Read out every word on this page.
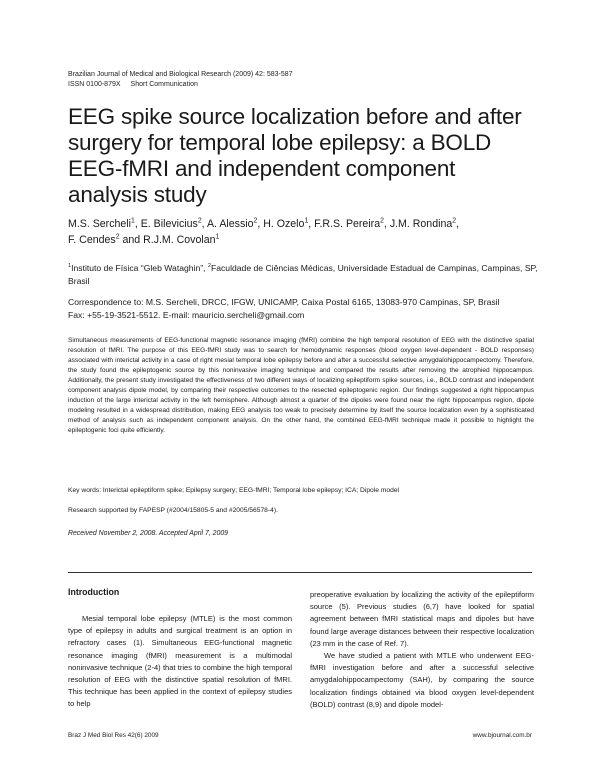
Brazilian Journal of Medical and Biological Research (2009) 42: 583-587
ISSN 0100-879X Short Communication
EEG spike source localization before and after surgery for temporal lobe epilepsy: a BOLD EEG-fMRI and independent component analysis study
M.S. Sercheli$^1$, E. Bilevicius$^2$, A. Alessio$^2$, H. Ozelo$^1$, F.R.S. Pereira$^2$, J.M. Rondina$^2$,
F. Cendes$^2$ and R.J.M. Covolan$^1$
$^1$Instituto de Física “Gleb Wataghin”, $^2$Faculdade de Ciências Médicas, Universidade Estadual de Campinas, Campinas, SP, Brasil
Correspondence to: M.S. Sercheli, DRCC, IFGW, UNICAMP, Caixa Postal 6165, 13083-970 Campinas, SP, Brasil
Fax: +55-19-3521-5512. E-mail: mauricio.sercheli@gmail.com
Simultaneous measurements of EEG-functional magnetic resonance imaging (fMRI) combine the high temporal resolution of EEG with the distinctive spatial resolution of fMRI. The purpose of this EEG-fMRI study was to search for hemodynamic responses (blood oxygen level-dependent - BOLD responses) associated with interictal activity in a case of right mesial temporal lobe epilepsy before and after a successful selective amygdalohippocampectomy. Therefore, the study found the epileptogenic source by this noninvasive imaging technique and compared the results after removing the atrophied hippocampus. Additionally, the present study investigated the effectiveness of two different ways of localizing epileptiform spike sources, i.e., BOLD contrast and independent component analysis dipole model, by comparing their respective outcomes to the resected epileptogenic region. Our findings suggested a right hippocampus induction of the large interictal activity in the left hemisphere. Although almost a quarter of the dipoles were found near the right hippocampus region, dipole modeling resulted in a widespread distribution, making EEG analysis too weak to precisely determine by itself the source localization even by a sophisticated method of analysis such as independent component analysis. On the other hand, the combined EEG-fMRI technique made it possible to highlight the epileptogenic foci quite efficiently.
Key words: Interictal epileptiform spike; Epilepsy surgery; EEG-fMRI; Temporal lobe epilepsy; ICA; Dipole model
Research supported by FAPESP (#2004/15805-5 and #2005/56578-4).
Received November 2, 2008. Accepted April 7, 2009
Introduction

Mesial temporal lobe epilepsy (MTLE) is the most common type of epilepsy in adults and surgical treatment is an option in refractory cases (1). Simultaneous EEG-functional magnetic resonance imaging (fMRI) measurement is a multimodal noninvasive technique (2-4) that tries to combine the high temporal resolution of EEG with the distinctive spatial resolution of fMRI. This technique has been applied in the context of epilepsy studies to help

preoperative evaluation by localizing the activity of the epileptiform source (5). Previous studies (6,7) have looked for spatial agreement between fMRI statistical maps and dipoles but have found large average distances between their respective localization (23 mm in the case of Ref. 7).

We have studied a patient with MTLE who underwent EEG-fMRI investigation before and after a successful selective amygdalohippocampectomy (SAH), by comparing the source localization findings obtained via blood oxygen level-dependent (BOLD) contrast (8,9) and dipole model-

Braz J Med Biol Res 42(6) 2009	www.bjournal.com.br
